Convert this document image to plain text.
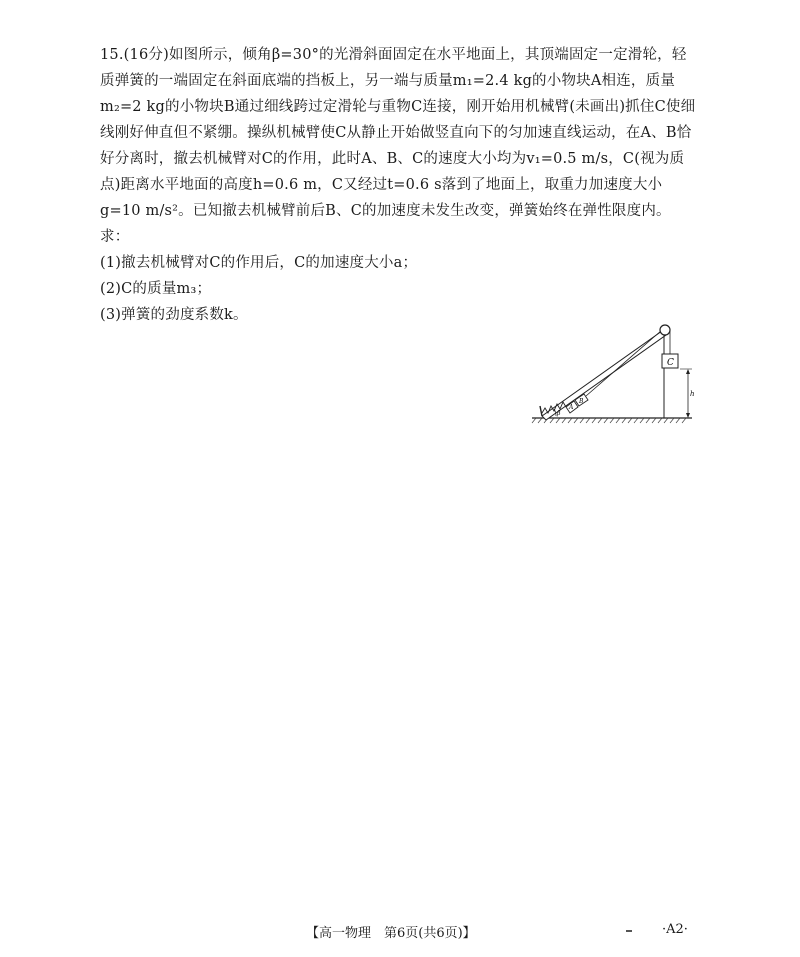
15.(16分)如图所示，倾角β=30°的光滑斜面固定在水平地面上，其顶端固定一定滑轮，轻质弹簧的一端固定在斜面底端的挡板上，另一端与质量m₁=2.4 kg的小物块A相连，质量m₂=2 kg的小物块B通过细线跨过定滑轮与重物C连接，刚开始用机械臂(未画出)抓住C使细线刚好伸直但不紧绷。操纵机械臂使C从静止开始做竖直向下的匀加速直线运动，在A、B恰好分离时，撤去机械臂对C的作用，此时A、B、C的速度大小均为v₁=0.5 m/s，C(视为质点)距离水平地面的高度h=0.6 m，C又经过t=0.6 s落到了地面上，取重力加速度大小g=10 m/s²。已知撤去机械臂前后B、C的加速度未发生改变，弹簧始终在弹性限度内。求：

(1)撤去机械臂对C的作用后，C的加速度大小a；

(2)C的质量m₃；

(3)弹簧的劲度系数k。

A
B
C
h
β
【高一物理　第6页(共6页)】	·A2·
